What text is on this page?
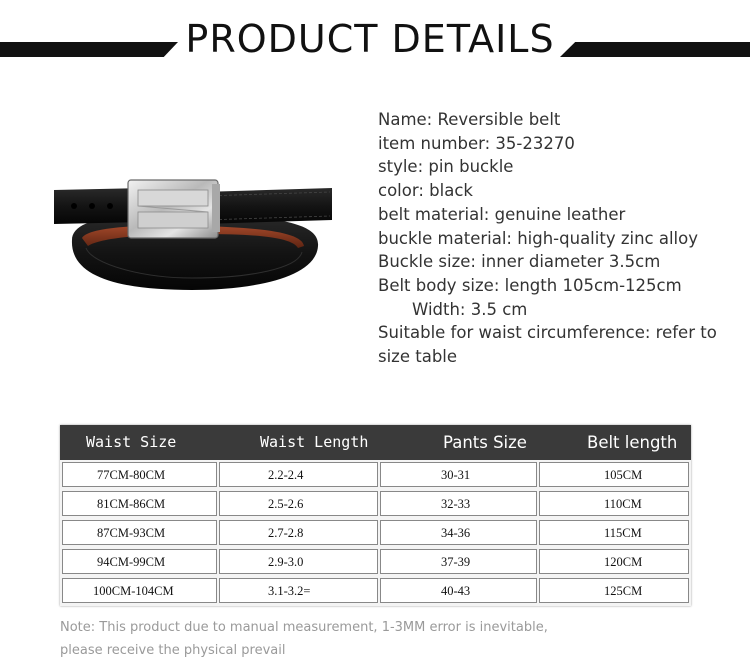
PRODUCT DETAILS
Name: Reversible belt
item number: 35-23270
style: pin buckle
color: black
belt material: genuine leather
buckle material: high-quality zinc alloy
Buckle size: inner diameter 3.5cm
Belt body size: length 105cm-125cm
Width: 3.5 cm
Suitable for waist circumference: refer to size table
Waist Size	Waist Length	Pants Size	Belt length
77CM-80CM	2.2-2.4	30-31	105CM
81CM-86CM	2.5-2.6	32-33	110CM
87CM-93CM	2.7-2.8	34-36	115CM
94CM-99CM	2.9-3.0	37-39	120CM
100CM-104CM	3.1-3.2=	40-43	125CM
Note: This product due to manual measurement, 1-3MM error is inevitable,
please receive the physical prevail
